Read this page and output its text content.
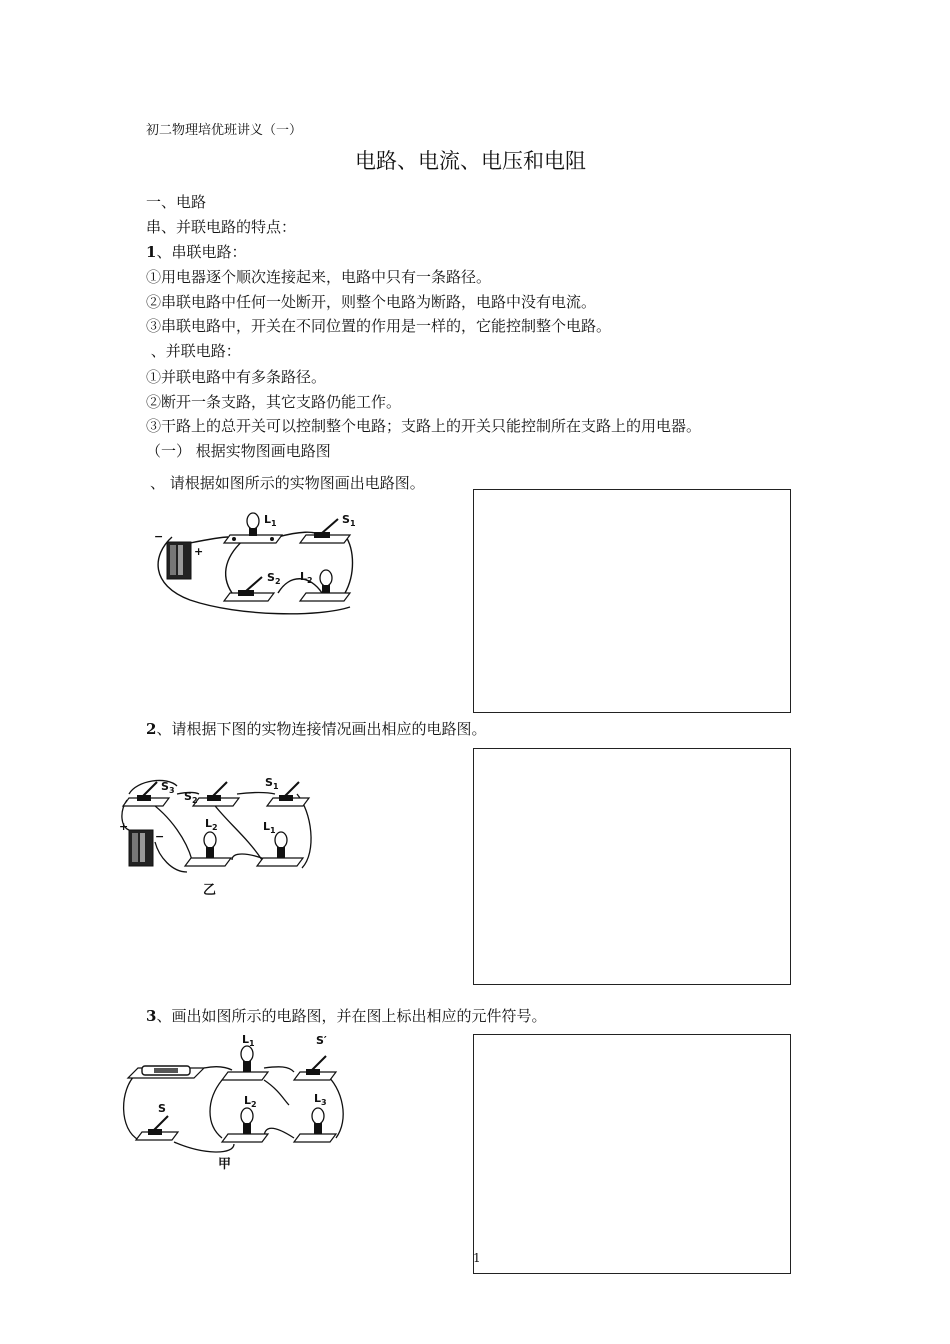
初二物理培优班讲义（一）
电路、电流、电压和电阻
一、电路
串、并联电路的特点：
1、串联电路：
①用电器逐个顺次连接起来，电路中只有一条路径。
②串联电路中任何一处断开，则整个电路为断路，电路中没有电流。
③串联电路中，开关在不同位置的作用是一样的，它能控制整个电路。
、并联电路：
①并联电路中有多条路径。
②断开一条支路，其它支路仍能工作。
③干路上的总开关可以控制整个电路；支路上的开关只能控制所在支路上的用电器。
（一） 根据实物图画电路图
、 请根据如图所示的实物图画出电路图。
−
+
$L_1$	$S_1$
$S_2$ $L_2$
2、请根据下图的实物连接情况画出相应的电路图。
$S_3$ $S_2$
$S_1$
+
−
$L_2$	$L_1$
乙
3、画出如图所示的电路图，并在图上标出相应的元件符号。
$L_1$	S′
S
$L_2$	$L_3$
甲
1
